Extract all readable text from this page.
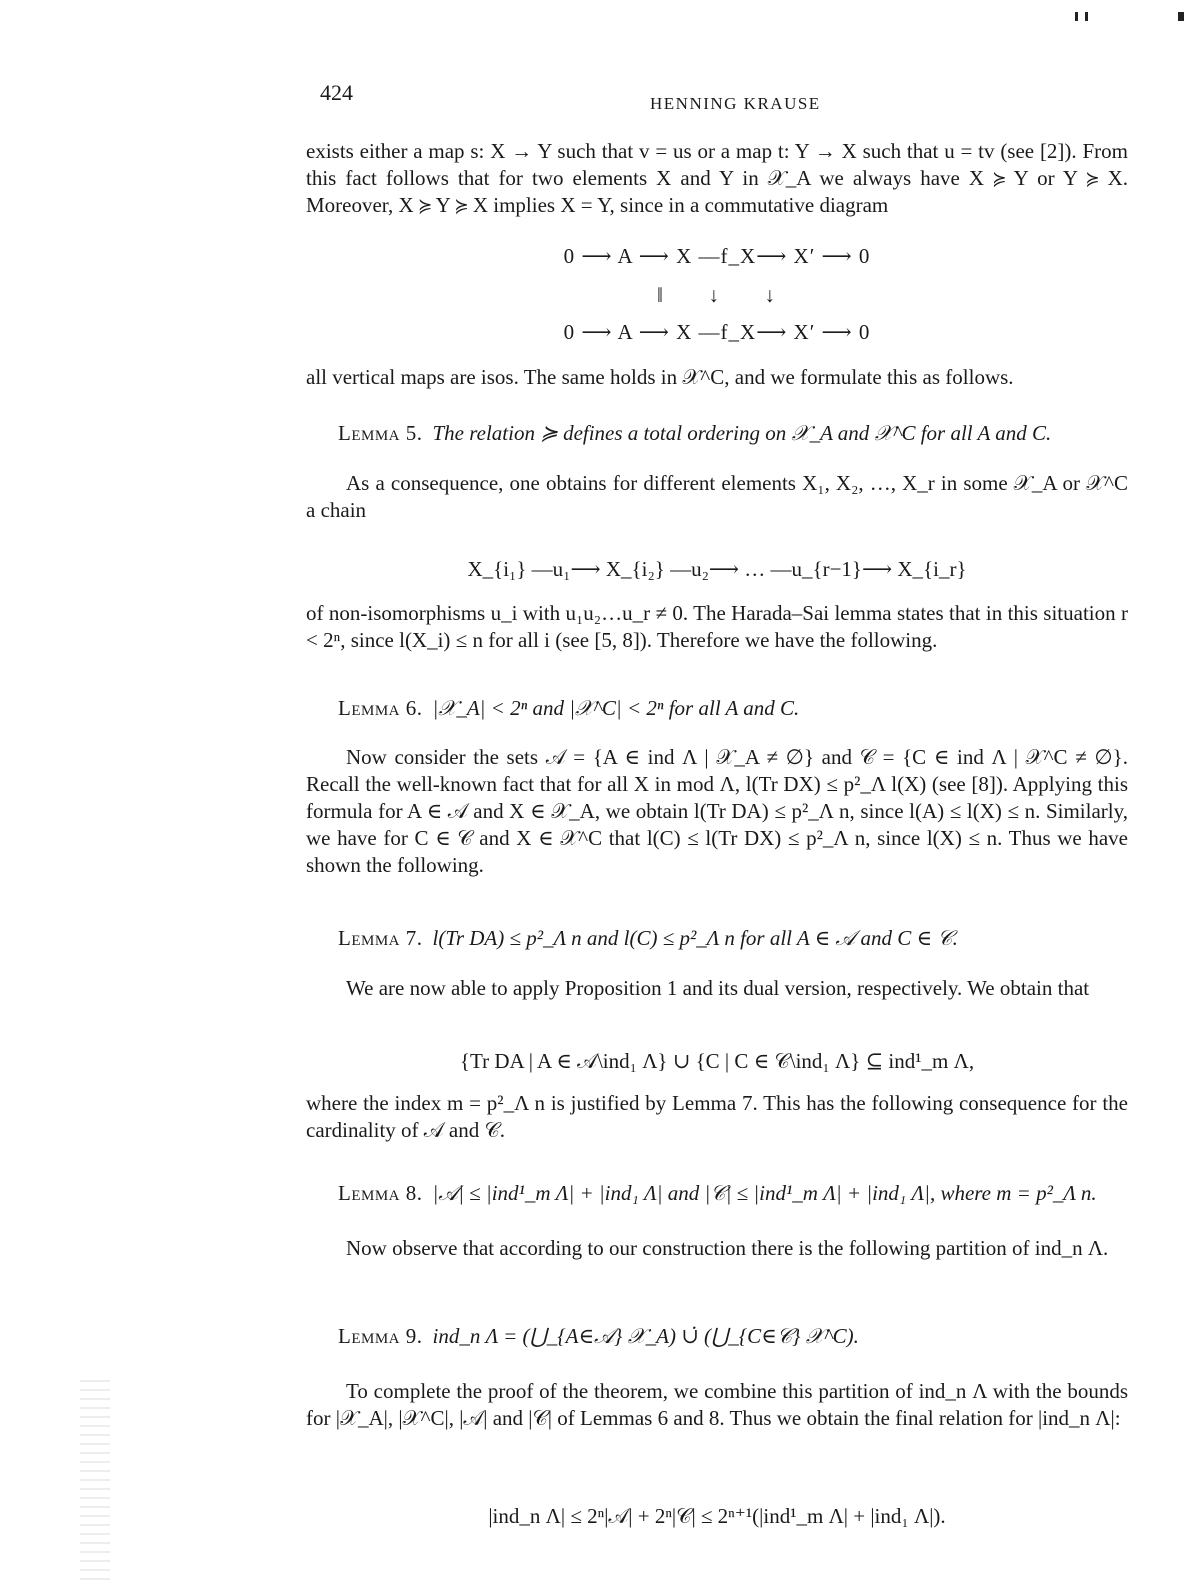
424	HENNING KRAUSE
exists either a map s: X → Y such that v = us or a map t: Y → X such that u = tv (see [2]). From this fact follows that for two elements X and Y in 𝒳_A we always have X ≽ Y or Y ≽ X. Moreover, X ≽ Y ≽ X implies X = Y, since in a commutative diagram
0 ⟶ A ⟶ X —f_X⟶ X′ ⟶ 0
‖      ↓      ↓
0 ⟶ A ⟶ X —f_X⟶ X′ ⟶ 0
all vertical maps are isos. The same holds in 𝒳^C, and we formulate this as follows.
Lemma 5. The relation ≽ defines a total ordering on 𝒳_A and 𝒳^C for all A and C.
As a consequence, one obtains for different elements X₁, X₂, …, X_r in some 𝒳_A or 𝒳^C a chain
X_{i₁} —u₁⟶ X_{i₂} —u₂⟶ … —u_{r−1}⟶ X_{i_r}
of non-isomorphisms u_i with u₁u₂…u_r ≠ 0. The Harada–Sai lemma states that in this situation r < 2ⁿ, since l(X_i) ≤ n for all i (see [5, 8]). Therefore we have the following.
Lemma 6. |𝒳_A| < 2ⁿ and |𝒳^C| < 2ⁿ for all A and C.
Now consider the sets 𝒜 = {A ∈ ind Λ | 𝒳_A ≠ ∅} and 𝒞 = {C ∈ ind Λ | 𝒳^C ≠ ∅}. Recall the well-known fact that for all X in mod Λ, l(Tr DX) ≤ p²_Λ l(X) (see [8]). Applying this formula for A ∈ 𝒜 and X ∈ 𝒳_A, we obtain l(Tr DA) ≤ p²_Λ n, since l(A) ≤ l(X) ≤ n. Similarly, we have for C ∈ 𝒞 and X ∈ 𝒳^C that l(C) ≤ l(Tr DX) ≤ p²_Λ n, since l(X) ≤ n. Thus we have shown the following.
Lemma 7. l(Tr DA) ≤ p²_Λ n and l(C) ≤ p²_Λ n for all A ∈ 𝒜 and C ∈ 𝒞.
We are now able to apply Proposition 1 and its dual version, respectively. We obtain that
{Tr DA | A ∈ 𝒜\ind₁ Λ} ∪ {C | C ∈ 𝒞\ind₁ Λ} ⊆ ind¹_m Λ,
where the index m = p²_Λ n is justified by Lemma 7. This has the following consequence for the cardinality of 𝒜 and 𝒞.
Lemma 8. |𝒜| ≤ |ind¹_m Λ| + |ind₁ Λ| and |𝒞| ≤ |ind¹_m Λ| + |ind₁ Λ|, where m = p²_Λ n.
Now observe that according to our construction there is the following partition of ind_n Λ.
Lemma 9. ind_n Λ = (⋃_{A∈𝒜} 𝒳_A) ∪̇ (⋃_{C∈𝒞} 𝒳^C).
To complete the proof of the theorem, we combine this partition of ind_n Λ with the bounds for |𝒳_A|, |𝒳^C|, |𝒜| and |𝒞| of Lemmas 6 and 8. Thus we obtain the final relation for |ind_n Λ|:
|ind_n Λ| ≤ 2ⁿ|𝒜| + 2ⁿ|𝒞| ≤ 2ⁿ⁺¹(|ind¹_m Λ| + |ind₁ Λ|).
